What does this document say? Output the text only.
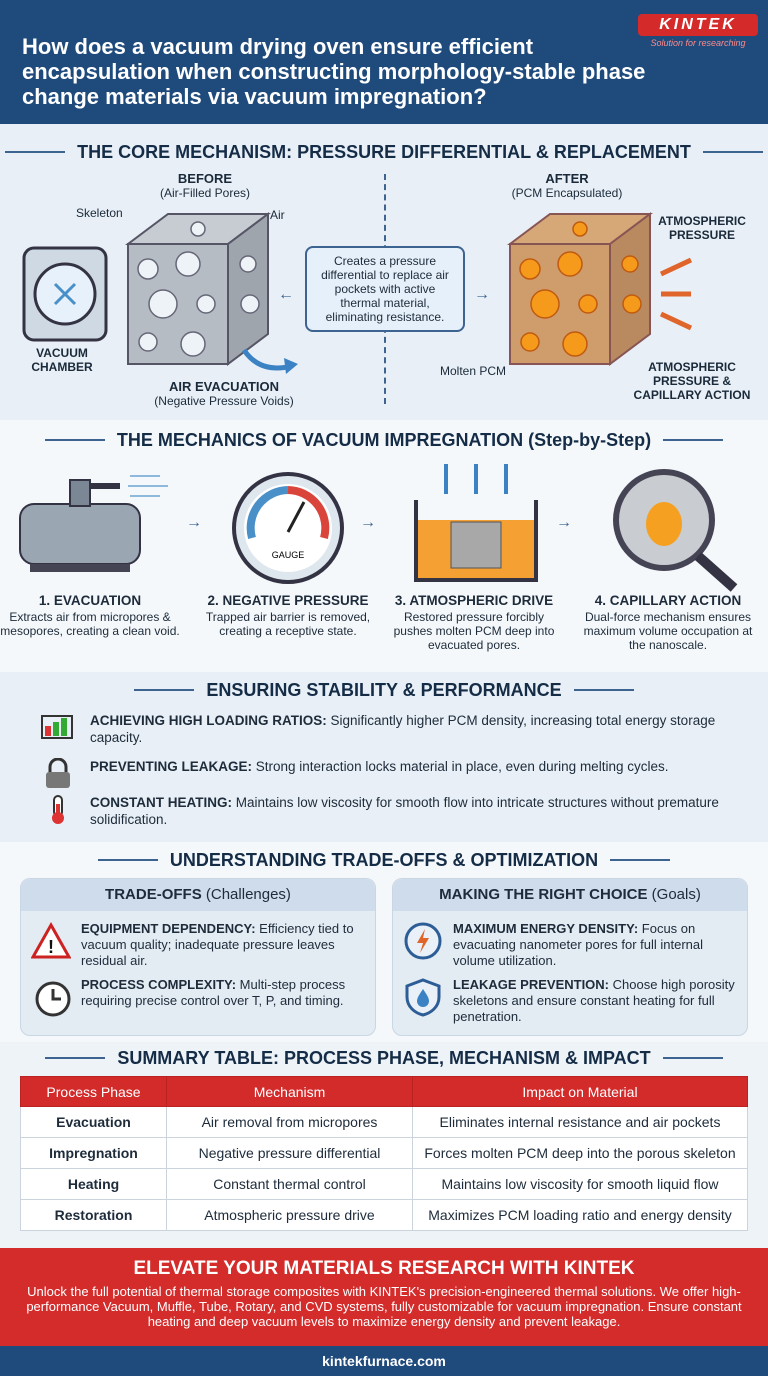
How does a vacuum drying oven ensure efficient encapsulation when constructing morphology-stable phase change materials via vacuum impregnation?
KINTEK
Solution for researching
THE CORE MECHANISM: PRESSURE DIFFERENTIAL & REPLACEMENT
BEFORE
(Air-Filled Pores)
Skeleton	Air
VACUUM CHAMBER
AIR EVACUATION
(Negative Pressure Voids)
Creates a pressure differential to replace air pockets with active thermal material, eliminating resistance.
←	→
AFTER
(PCM Encapsulated)
ATMOSPHERIC PRESSURE
Molten PCM	ATMOSPHERIC PRESSURE & CAPILLARY ACTION
THE MECHANICS OF VACUUM IMPREGNATION (Step-by-Step)
→
GAUGE
→	→
1. EVACUATION
Extracts air from micropores & mesopores, creating a clean void.
2. NEGATIVE PRESSURE
Trapped air barrier is removed, creating a receptive state.
3. ATMOSPHERIC DRIVE
Restored pressure forcibly pushes molten PCM deep into evacuated pores.
4. CAPILLARY ACTION
Dual-force mechanism ensures maximum volume occupation at the nanoscale.
ENSURING STABILITY & PERFORMANCE
ACHIEVING HIGH LOADING RATIOS: Significantly higher PCM density, increasing total energy storage capacity.
PREVENTING LEAKAGE: Strong interaction locks material in place, even during melting cycles.
CONSTANT HEATING: Maintains low viscosity for smooth flow into intricate structures without premature solidification.
UNDERSTANDING TRADE-OFFS & OPTIMIZATION
TRADE-OFFS (Challenges)
!
EQUIPMENT DEPENDENCY: Efficiency tied to vacuum quality; inadequate pressure leaves residual air.
PROCESS COMPLEXITY: Multi-step process requiring precise control over T, P, and timing.
MAKING THE RIGHT CHOICE (Goals)
MAXIMUM ENERGY DENSITY: Focus on evacuating nanometer pores for full internal volume utilization.
LEAKAGE PREVENTION: Choose high porosity skeletons and ensure constant heating for full penetration.
SUMMARY TABLE: PROCESS PHASE, MECHANISM & IMPACT
Process Phase	Mechanism	Impact on Material
Evacuation	Air removal from micropores	Eliminates internal resistance and air pockets
Impregnation	Negative pressure differential	Forces molten PCM deep into the porous skeleton
Heating	Constant thermal control	Maintains low viscosity for smooth liquid flow
Restoration	Atmospheric pressure drive	Maximizes PCM loading ratio and energy density
ELEVATE YOUR MATERIALS RESEARCH WITH KINTEK

Unlock the full potential of thermal storage composites with KINTEK's precision-engineered thermal solutions. We offer high-performance Vacuum, Muffle, Tube, Rotary, and CVD systems, fully customizable for vacuum impregnation. Ensure constant heating and deep vacuum levels to maximize energy density and prevent leakage.

kintekfurnace.com
